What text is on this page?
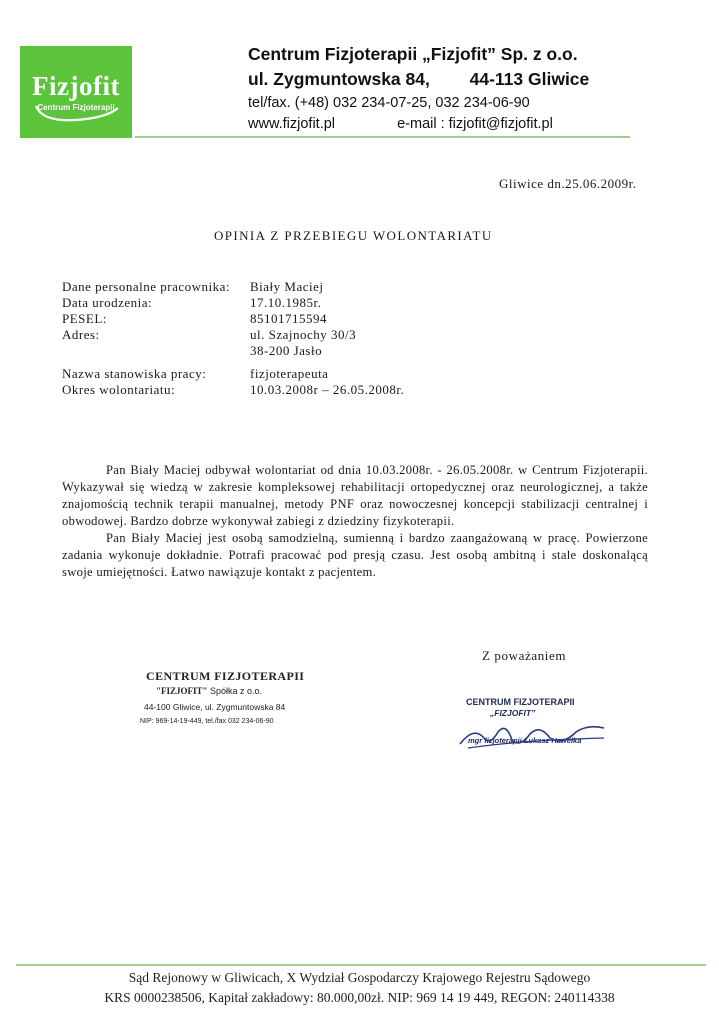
Fizjofit
Centrum Fizjoterapii
Centrum Fizjoterapii „Fizjofit” Sp. z o.o.
ul. Zygmuntowska 84, 44-113 Gliwice
tel/fax. (+48) 032 234-07-25, 032 234-06-90
www.fizjofit.pl	e-mail : fizjofit@fizjofit.pl
Gliwice dn.25.06.2009r.
OPINIA Z PRZEBIEGU WOLONTARIATU
Dane personalne pracownika:	Biały Maciej
Data urodzenia:	17.10.1985r.
PESEL:	85101715594
Adres:	ul. Szajnochy 30/3
38-200 Jasło
Nazwa stanowiska pracy:	fizjoterapeuta
Okres wolontariatu:	10.03.2008r – 26.05.2008r.

Pan Biały Maciej odbywał wolontariat od dnia 10.03.2008r. - 26.05.2008r. w Centrum Fizjoterapii. Wykazywał się wiedzą w zakresie kompleksowej rehabilitacji ortopedycznej oraz neurologicznej, a także znajomością technik terapii manualnej, metody PNF oraz nowoczesnej koncepcji stabilizacji centralnej i obwodowej. Bardzo dobrze wykonywał zabiegi z dziedziny fizykoterapii.

Pan Biały Maciej jest osobą samodzielną, sumienną i bardzo zaangażowaną w pracę. Powierzone zadania wykonuje dokładnie. Potrafi pracować pod presją czasu. Jest osobą ambitną i stale doskonalącą swoje umiejętności. Łatwo nawiązuje kontakt z pacjentem.

Z poważaniem
CENTRUM FIZJOTERAPII
"FIZJOFIT" Spółka z o.o.
44-100 Gliwice, ul. Zygmuntowska 84
NIP: 969-14-19-449, tel./fax 032 234-06-90
CENTRUM FIZJOTERAPII
„FIZJOFIT”
mgr fizjoterapii Łukasz Hawełka
Sąd Rejonowy w Gliwicach, X Wydział Gospodarczy Krajowego Rejestru Sądowego
KRS 0000238506, Kapitał zakładowy: 80.000,00zł. NIP: 969 14 19 449, REGON: 240114338
